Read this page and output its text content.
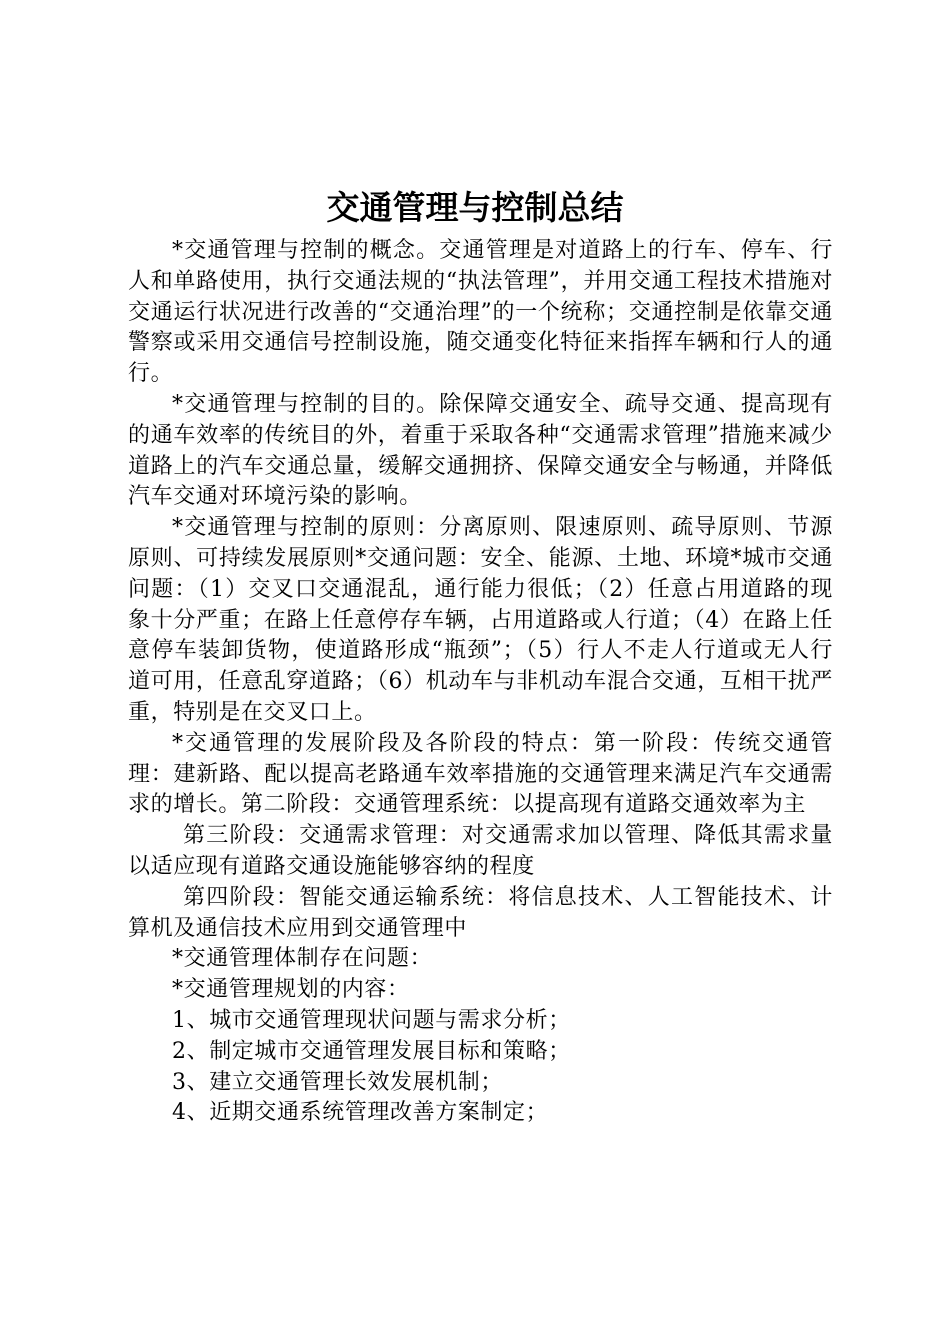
交通管理与控制总结

*交通管理与控制的概念。交通管理是对道路上的行车、停车、行人和单路使用，执行交通法规的“执法管理”，并用交通工程技术措施对交通运行状况进行改善的“交通治理”的一个统称；交通控制是依靠交通警察或采用交通信号控制设施，随交通变化特征来指挥车辆和行人的通行。

*交通管理与控制的目的。除保障交通安全、疏导交通、提高现有的通车效率的传统目的外，着重于采取各种“交通需求管理”措施来减少道路上的汽车交通总量，缓解交通拥挤、保障交通安全与畅通，并降低汽车交通对环境污染的影响。

*交通管理与控制的原则：分离原则、限速原则、疏导原则、节源原则、可持续发展原则*交通问题：安全、能源、土地、环境*城市交通问题：（1）交叉口交通混乱，通行能力很低；（2）任意占用道路的现象十分严重；在路上任意停存车辆，占用道路或人行道；（4）在路上任意停车装卸货物，使道路形成“瓶颈”；（5）行人不走人行道或无人行道可用，任意乱穿道路；（6）机动车与非机动车混合交通，互相干扰严重，特别是在交叉口上。

*交通管理的发展阶段及各阶段的特点：第一阶段：传统交通管理：建新路、配以提高老路通车效率措施的交通管理来满足汽车交通需求的增长。第二阶段：交通管理系统：以提高现有道路交通效率为主

第三阶段：交通需求管理：对交通需求加以管理、降低其需求量以适应现有道路交通设施能够容纳的程度

第四阶段：智能交通运输系统：将信息技术、人工智能技术、计算机及通信技术应用到交通管理中

*交通管理体制存在问题：

*交通管理规划的内容：

1、城市交通管理现状问题与需求分析；

2、制定城市交通管理发展目标和策略；

3、建立交通管理长效发展机制；

4、近期交通系统管理改善方案制定；
